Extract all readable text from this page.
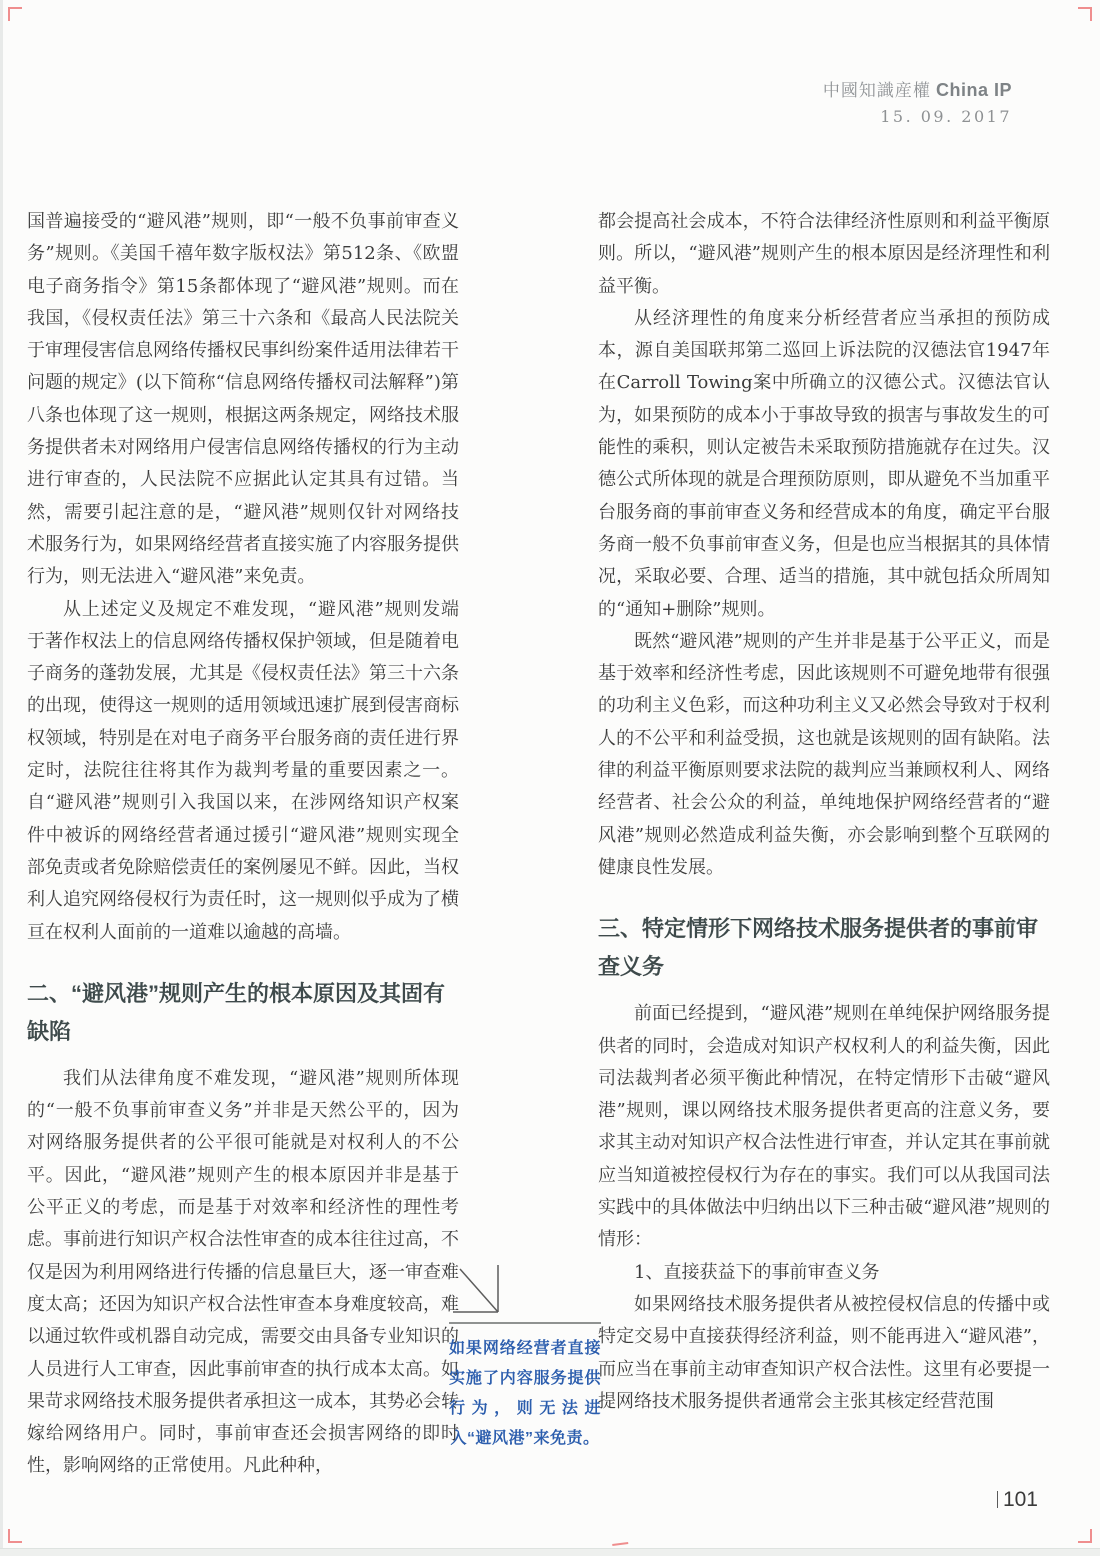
中國知識産權 China IP
15. 09. 2017

国普遍接受的“避风港”规则，即“一般不负事前审查义务”规则。《美国千禧年数字版权法》第512条、《欧盟电子商务指令》第15条都体现了“避风港”规则。而在我国，《侵权责任法》第三十六条和《最高人民法院关于审理侵害信息网络传播权民事纠纷案件适用法律若干问题的规定》(以下简称“信息网络传播权司法解释”)第八条也体现了这一规则，根据这两条规定，网络技术服务提供者未对网络用户侵害信息网络传播权的行为主动进行审查的，人民法院不应据此认定其具有过错。当然，需要引起注意的是，“避风港”规则仅针对网络技术服务行为，如果网络经营者直接实施了内容服务提供行为，则无法进入“避风港”来免责。

从上述定义及规定不难发现，“避风港”规则发端于著作权法上的信息网络传播权保护领域，但是随着电子商务的蓬勃发展，尤其是《侵权责任法》第三十六条的出现，使得这一规则的适用领域迅速扩展到侵害商标权领域，特别是在对电子商务平台服务商的责任进行界定时，法院往往将其作为裁判考量的重要因素之一。自“避风港”规则引入我国以来，在涉网络知识产权案件中被诉的网络经营者通过援引“避风港”规则实现全部免责或者免除赔偿责任的案例屡见不鲜。因此，当权利人追究网络侵权行为责任时，这一规则似乎成为了横亘在权利人面前的一道难以逾越的高墙。

二、“避风港”规则产生的根本原因及其固有缺陷

我们从法律角度不难发现，“避风港”规则所体现的“一般不负事前审查义务”并非是天然公平的，因为对网络服务提供者的公平很可能就是对权利人的不公平。因此，“避风港”规则产生的根本原因并非是基于公平正义的考虑，而是基于对效率和经济性的理性考虑。事前进行知识产权合法性审查的成本往往过高，不仅是因为利用网络进行传播的信息量巨大，逐一审查难度太高；还因为知识产权合法性审查本身难度较高，难以通过软件或机器自动完成，需要交由具备专业知识的人员进行人工审查，因此事前审查的执行成本太高。如果苛求网络技术服务提供者承担这一成本，其势必会转嫁给网络用户。同时，事前审查还会损害网络的即时性，影响网络的正常使用。凡此种种，

如果网络经营者直接实施了内容服务提供行为，则无法进入“避风港”来免责。

都会提高社会成本，不符合法律经济性原则和利益平衡原则。所以，“避风港”规则产生的根本原因是经济理性和利益平衡。

从经济理性的角度来分析经营者应当承担的预防成本，源自美国联邦第二巡回上诉法院的汉德法官1947年在Carroll Towing案中所确立的汉德公式。汉德法官认为，如果预防的成本小于事故导致的损害与事故发生的可能性的乘积，则认定被告未采取预防措施就存在过失。汉德公式所体现的就是合理预防原则，即从避免不当加重平台服务商的事前审查义务和经营成本的角度，确定平台服务商一般不负事前审查义务，但是也应当根据其的具体情况，采取必要、合理、适当的措施，其中就包括众所周知的“通知+删除”规则。

既然“避风港”规则的产生并非是基于公平正义，而是基于效率和经济性考虑，因此该规则不可避免地带有很强的功利主义色彩，而这种功利主义又必然会导致对于权利人的不公平和利益受损，这也就是该规则的固有缺陷。法律的利益平衡原则要求法院的裁判应当兼顾权利人、网络经营者、社会公众的利益，单纯地保护网络经营者的“避风港”规则必然造成利益失衡，亦会影响到整个互联网的健康良性发展。

三、特定情形下网络技术服务提供者的事前审查义务

前面已经提到，“避风港”规则在单纯保护网络服务提供者的同时，会造成对知识产权权利人的利益失衡，因此司法裁判者必须平衡此种情况，在特定情形下击破“避风港”规则，课以网络技术服务提供者更高的注意义务，要求其主动对知识产权合法性进行审查，并认定其在事前就应当知道被控侵权行为存在的事实。我们可以从我国司法实践中的具体做法中归纳出以下三种击破“避风港”规则的情形：

1、直接获益下的事前审查义务

如果网络技术服务提供者从被控侵权信息的传播中或特定交易中直接获得经济利益，则不能再进入“避风港”，而应当在事前主动审查知识产权合法性。这里有必要提一提网络技术服务提供者通常会主张其核定经营范围

101
